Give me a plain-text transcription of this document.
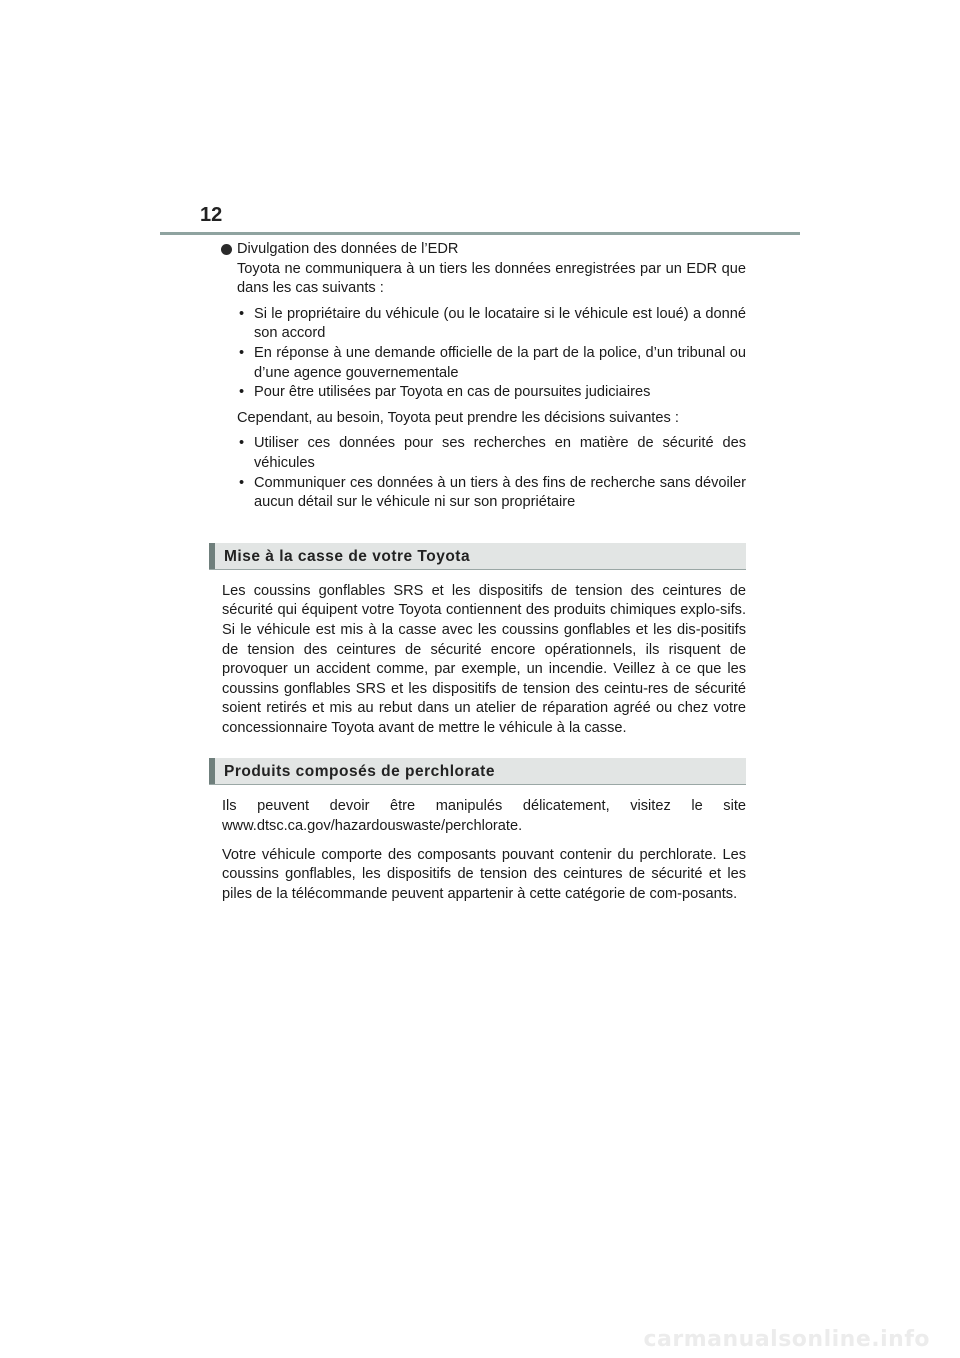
12

Divulgation des données de l’EDR

Toyota ne communiquera à un tiers les données enregistrées par un EDR que dans les cas suivants :

• Si le propriétaire du véhicule (ou le locataire si le véhicule est loué) a donné son accord
• En réponse à une demande officielle de la part de la police, d’un tribunal ou d’une agence gouvernementale
• Pour être utilisées par Toyota en cas de poursuites judiciaires

Cependant, au besoin, Toyota peut prendre les décisions suivantes :

• Utiliser ces données pour ses recherches en matière de sécurité des véhicules
• Communiquer ces données à un tiers à des fins de recherche sans dévoiler aucun détail sur le véhicule ni sur son propriétaire
Mise à la casse de votre Toyota

Les coussins gonflables SRS et les dispositifs de tension des ceintures de sécurité qui équipent votre Toyota contiennent des produits chimiques explo-sifs. Si le véhicule est mis à la casse avec les coussins gonflables et les dis-positifs de tension des ceintures de sécurité encore opérationnels, ils risquent de provoquer un accident comme, par exemple, un incendie. Veillez à ce que les coussins gonflables SRS et les dispositifs de tension des ceintu-res de sécurité soient retirés et mis au rebut dans un atelier de réparation agréé ou chez votre concessionnaire Toyota avant de mettre le véhicule à la casse.

Produits composés de perchlorate

Ils peuvent devoir être manipulés délicatement, visitez le site www.dtsc.ca.gov/hazardouswaste/perchlorate.

Votre véhicule comporte des composants pouvant contenir du perchlorate. Les coussins gonflables, les dispositifs de tension des ceintures de sécurité et les piles de la télécommande peuvent appartenir à cette catégorie de com-posants.

carmanualsonline.info
